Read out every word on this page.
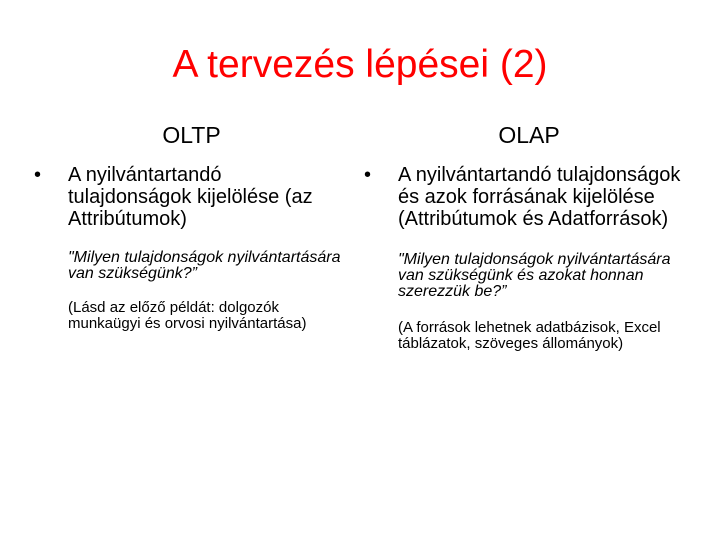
A tervezés lépései (2)
OLTP
• A nyilvántartandó tulajdonságok kijelölése (az Attribútumok)
"Milyen tulajdonságok nyilvántartására van szükségünk?”
(Lásd az előző példát: dolgozók munkaügyi és orvosi nyilvántartása)
OLAP
• A nyilvántartandó tulajdonságok és azok forrásának kijelölése (Attribútumok és Adatforrások)
"Milyen tulajdonságok nyilvántartására van szükségünk és azokat honnan szerezzük be?”
(A források lehetnek adatbázisok, Excel táblázatok, szöveges állományok)
